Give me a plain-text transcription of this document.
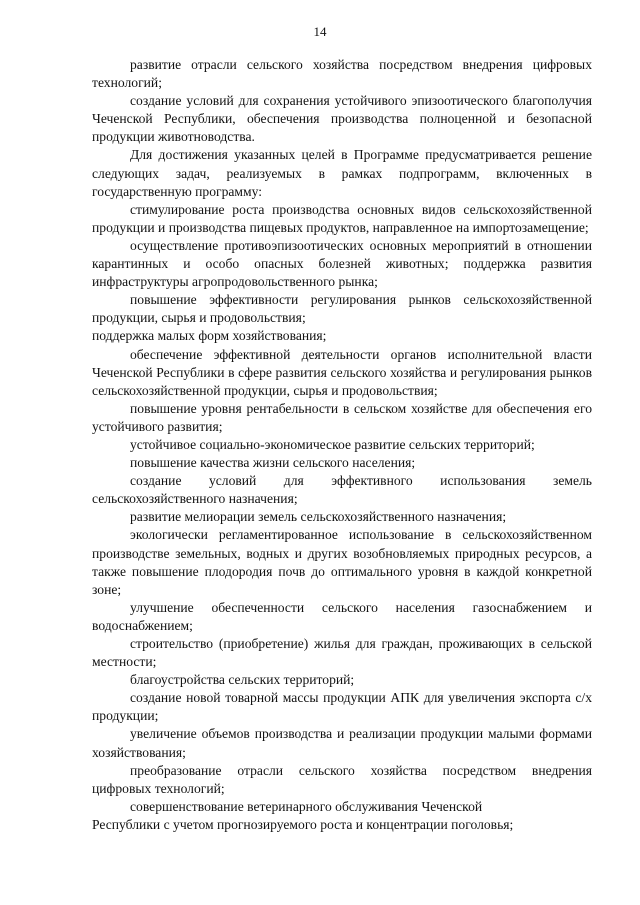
14

развитие отрасли сельского хозяйства посредством внедрения цифровых технологий;

создание условий для сохранения устойчивого эпизоотического благополучия Чеченской Республики, обеспечения производства полноценной и безопасной продукции животноводства.

Для достижения указанных целей в Программе предусматривается решение следующих задач, реализуемых в рамках подпрограмм, включенных в государственную программу:

стимулирование роста производства основных видов сельскохозяйственной продукции и производства пищевых продуктов, направленное на импортозамещение;

осуществление противоэпизоотических основных мероприятий в отношении карантинных и особо опасных болезней животных; поддержка развития инфраструктуры агропродовольственного рынка;

повышение эффективности регулирования рынков сельскохозяйственной продукции, сырья и продовольствия;

поддержка малых форм хозяйствования;

обеспечение эффективной деятельности органов исполнительной власти Чеченской Республики в сфере развития сельского хозяйства и регулирования рынков сельскохозяйственной продукции, сырья и продовольствия;

повышение уровня рентабельности в сельском хозяйстве для обеспечения его устойчивого развития;

устойчивое социально-экономическое развитие сельских территорий;

повышение качества жизни сельского населения;

создание условий для эффективного использования земель сельскохозяйственного назначения;

развитие мелиорации земель сельскохозяйственного назначения;

экологически регламентированное использование в сельскохозяйственном производстве земельных, водных и других возобновляемых природных ресурсов, а также повышение плодородия почв до оптимального уровня в каждой конкретной зоне;

улучшение обеспеченности сельского населения газоснабжением и водоснабжением;

строительство (приобретение) жилья для граждан, проживающих в сельской местности;

благоустройства сельских территорий;

создание новой товарной массы продукции АПК для увеличения экспорта с/х продукции;

увеличение объемов производства и реализации продукции малыми формами хозяйствования;

преобразование отрасли сельского хозяйства посредством внедрения цифровых технологий;

совершенствование ветеринарного обслуживания Чеченской

Республики с учетом прогнозируемого роста и концентрации поголовья;
